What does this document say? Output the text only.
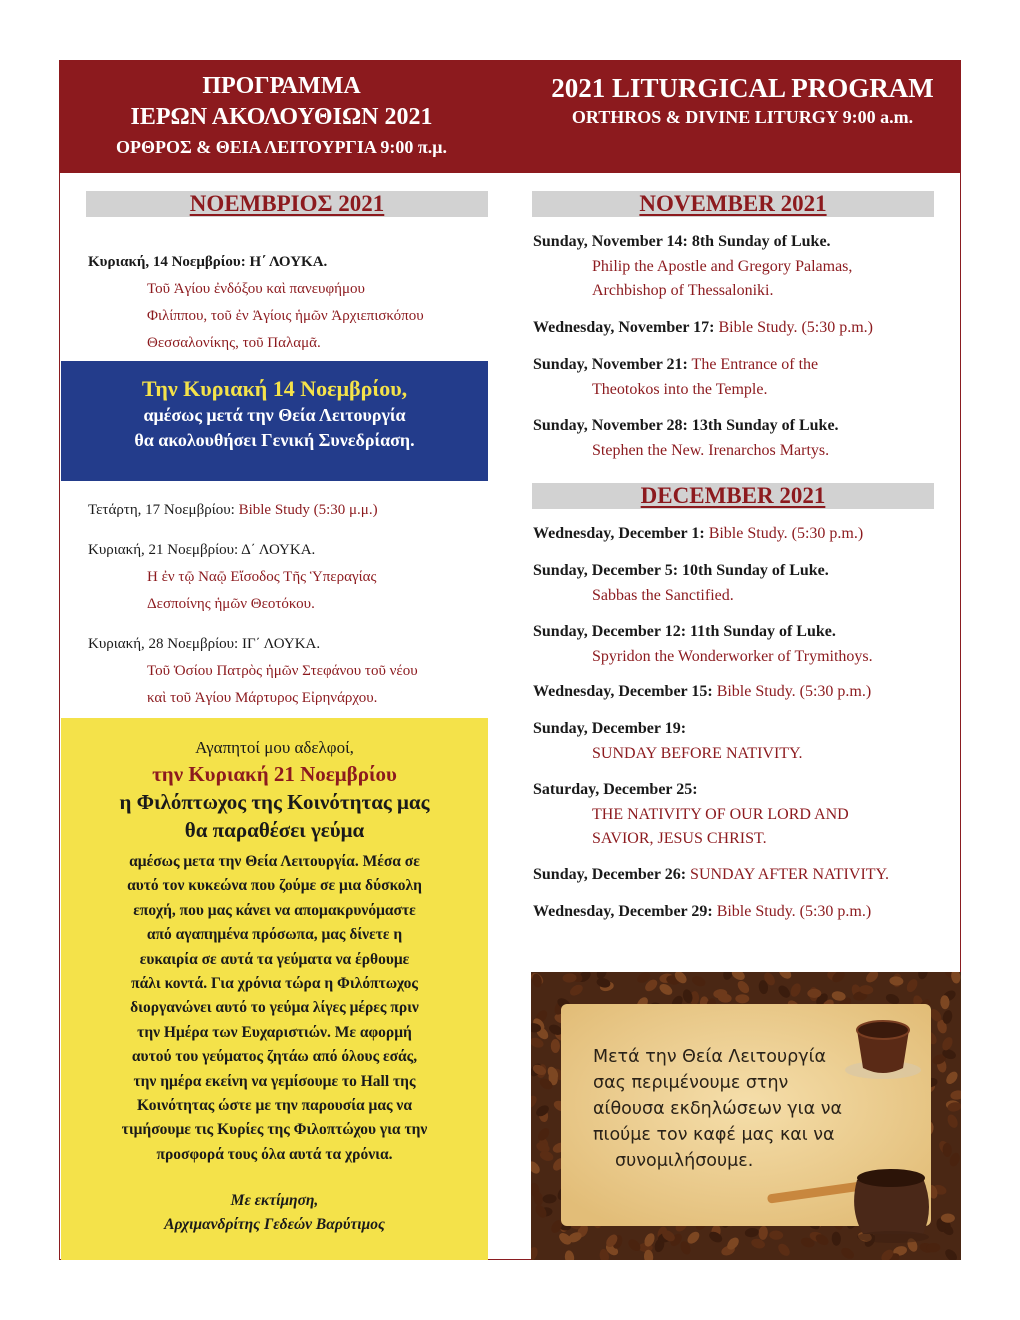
ΠΡΟΓΡΑΜΜΑ
ΙΕΡΩΝ ΑΚΟΛΟΥΘΙΩΝ 2021
ΟΡΘΡΟΣ & ΘΕΙΑ ΛΕΙΤΟΥΡΓΙΑ 9:00 π.μ.
2021 LITURGICAL PROGRAM
ORTHROS & DIVINE LITURGY 9:00 a.m.
ΝΟΕΜΒΡΙΟΣ 2021
Κυριακή, 14 Νοεμβρίου: Η΄ ΛΟΥΚΑ.
Τοῦ Ἁγίου ἐνδόξου καὶ πανευφήμου
Φιλίππου, τοῦ ἐν Ἁγίοις ἡμῶν Ἀρχιεπισκόπου
Θεσσαλονίκης, τοῦ Παλαμᾶ.
Την Κυριακή 14 Νοεμβρίου,
αμέσως μετά την Θεία Λειτουργία
θα ακολουθήσει Γενική Συνεδρίαση.
Τετάρτη, 17 Νοεμβρίου: Bible Study (5:30 μ.μ.)
Κυριακή, 21 Νοεμβρίου: Δ΄ ΛΟΥΚΑ.
Η ἐν τῷ Ναῷ Εἴσοδος Τῆς Ὑπεραγίας
Δεσποίνης ἡμῶν Θεοτόκου.
Κυριακή, 28 Νοεμβρίου: ΙΓ΄ ΛΟΥΚΑ.
Τοῦ Ὁσίου Πατρὸς ἡμῶν Στεφάνου τοῦ νέου
καὶ τοῦ Ἁγίου Μάρτυρος Εἰρηνάρχου.
Αγαπητοί μου αδελφοί,
την Κυριακή 21 Νοεμβρίου
η Φιλόπτωχος της Κοινότητας μας
θα παραθέσει γεύμα
αμέσως μετα την Θεία Λειτουργία. Μέσα σε
αυτό τον κυκεώνα που ζούμε σε μια δύσκολη
εποχή, που μας κάνει να απομακρυνόμαστε
από αγαπημένα πρόσωπα, μας δίνετε η
ευκαιρία σε αυτά τα γεύματα να έρθουμε
πάλι κοντά. Για χρόνια τώρα η Φιλόπτωχος
διοργανώνει αυτό το γεύμα λίγες μέρες πριν
την Ημέρα των Ευχαριστιών. Με αφορμή
αυτού του γεύματος ζητάω από όλους εσάς,
την ημέρα εκείνη να γεμίσουμε το Hall της
Κοινότητας ώστε με την παρουσία μας να
τιμήσουμε τις Κυρίες της Φιλοπτώχου για την
προσφορά τους όλα αυτά τα χρόνια.
Με εκτίμηση,
Αρχιμανδρίτης Γεδεών Βαρύτιμος
NOVEMBER 2021
Sunday, November 14: 8th Sunday of Luke.
Philip the Apostle and Gregory Palamas,
Archbishop of Thessaloniki.
Wednesday, November 17: Bible Study. (5:30 p.m.)
Sunday, November 21: The Entrance of the
Theotokos into the Temple.
Sunday, November 28: 13th Sunday of Luke.
Stephen the New. Irenarchos Martys.
DECEMBER 2021
Wednesday, December 1: Bible Study. (5:30 p.m.)
Sunday, December 5: 10th Sunday of Luke.
Sabbas the Sanctified.
Sunday, December 12: 11th Sunday of Luke.
Spyridon the Wonderworker of Trymithoys.
Wednesday, December 15: Bible Study. (5:30 p.m.)
Sunday, December 19:
SUNDAY BEFORE NATIVITY.
Saturday, December 25:
THE NATIVITY OF OUR LORD AND
SAVIOR, JESUS CHRIST.
Sunday, December 26: SUNDAY AFTER NATIVITY.
Wednesday, December 29: Bible Study. (5:30 p.m.)
Μετά την Θεία Λειτουργία
σας περιμένουμε στην
αίθουσα εκδηλώσεων για να
πιούμε τον καφέ μας και να
συνομιλήσουμε.
